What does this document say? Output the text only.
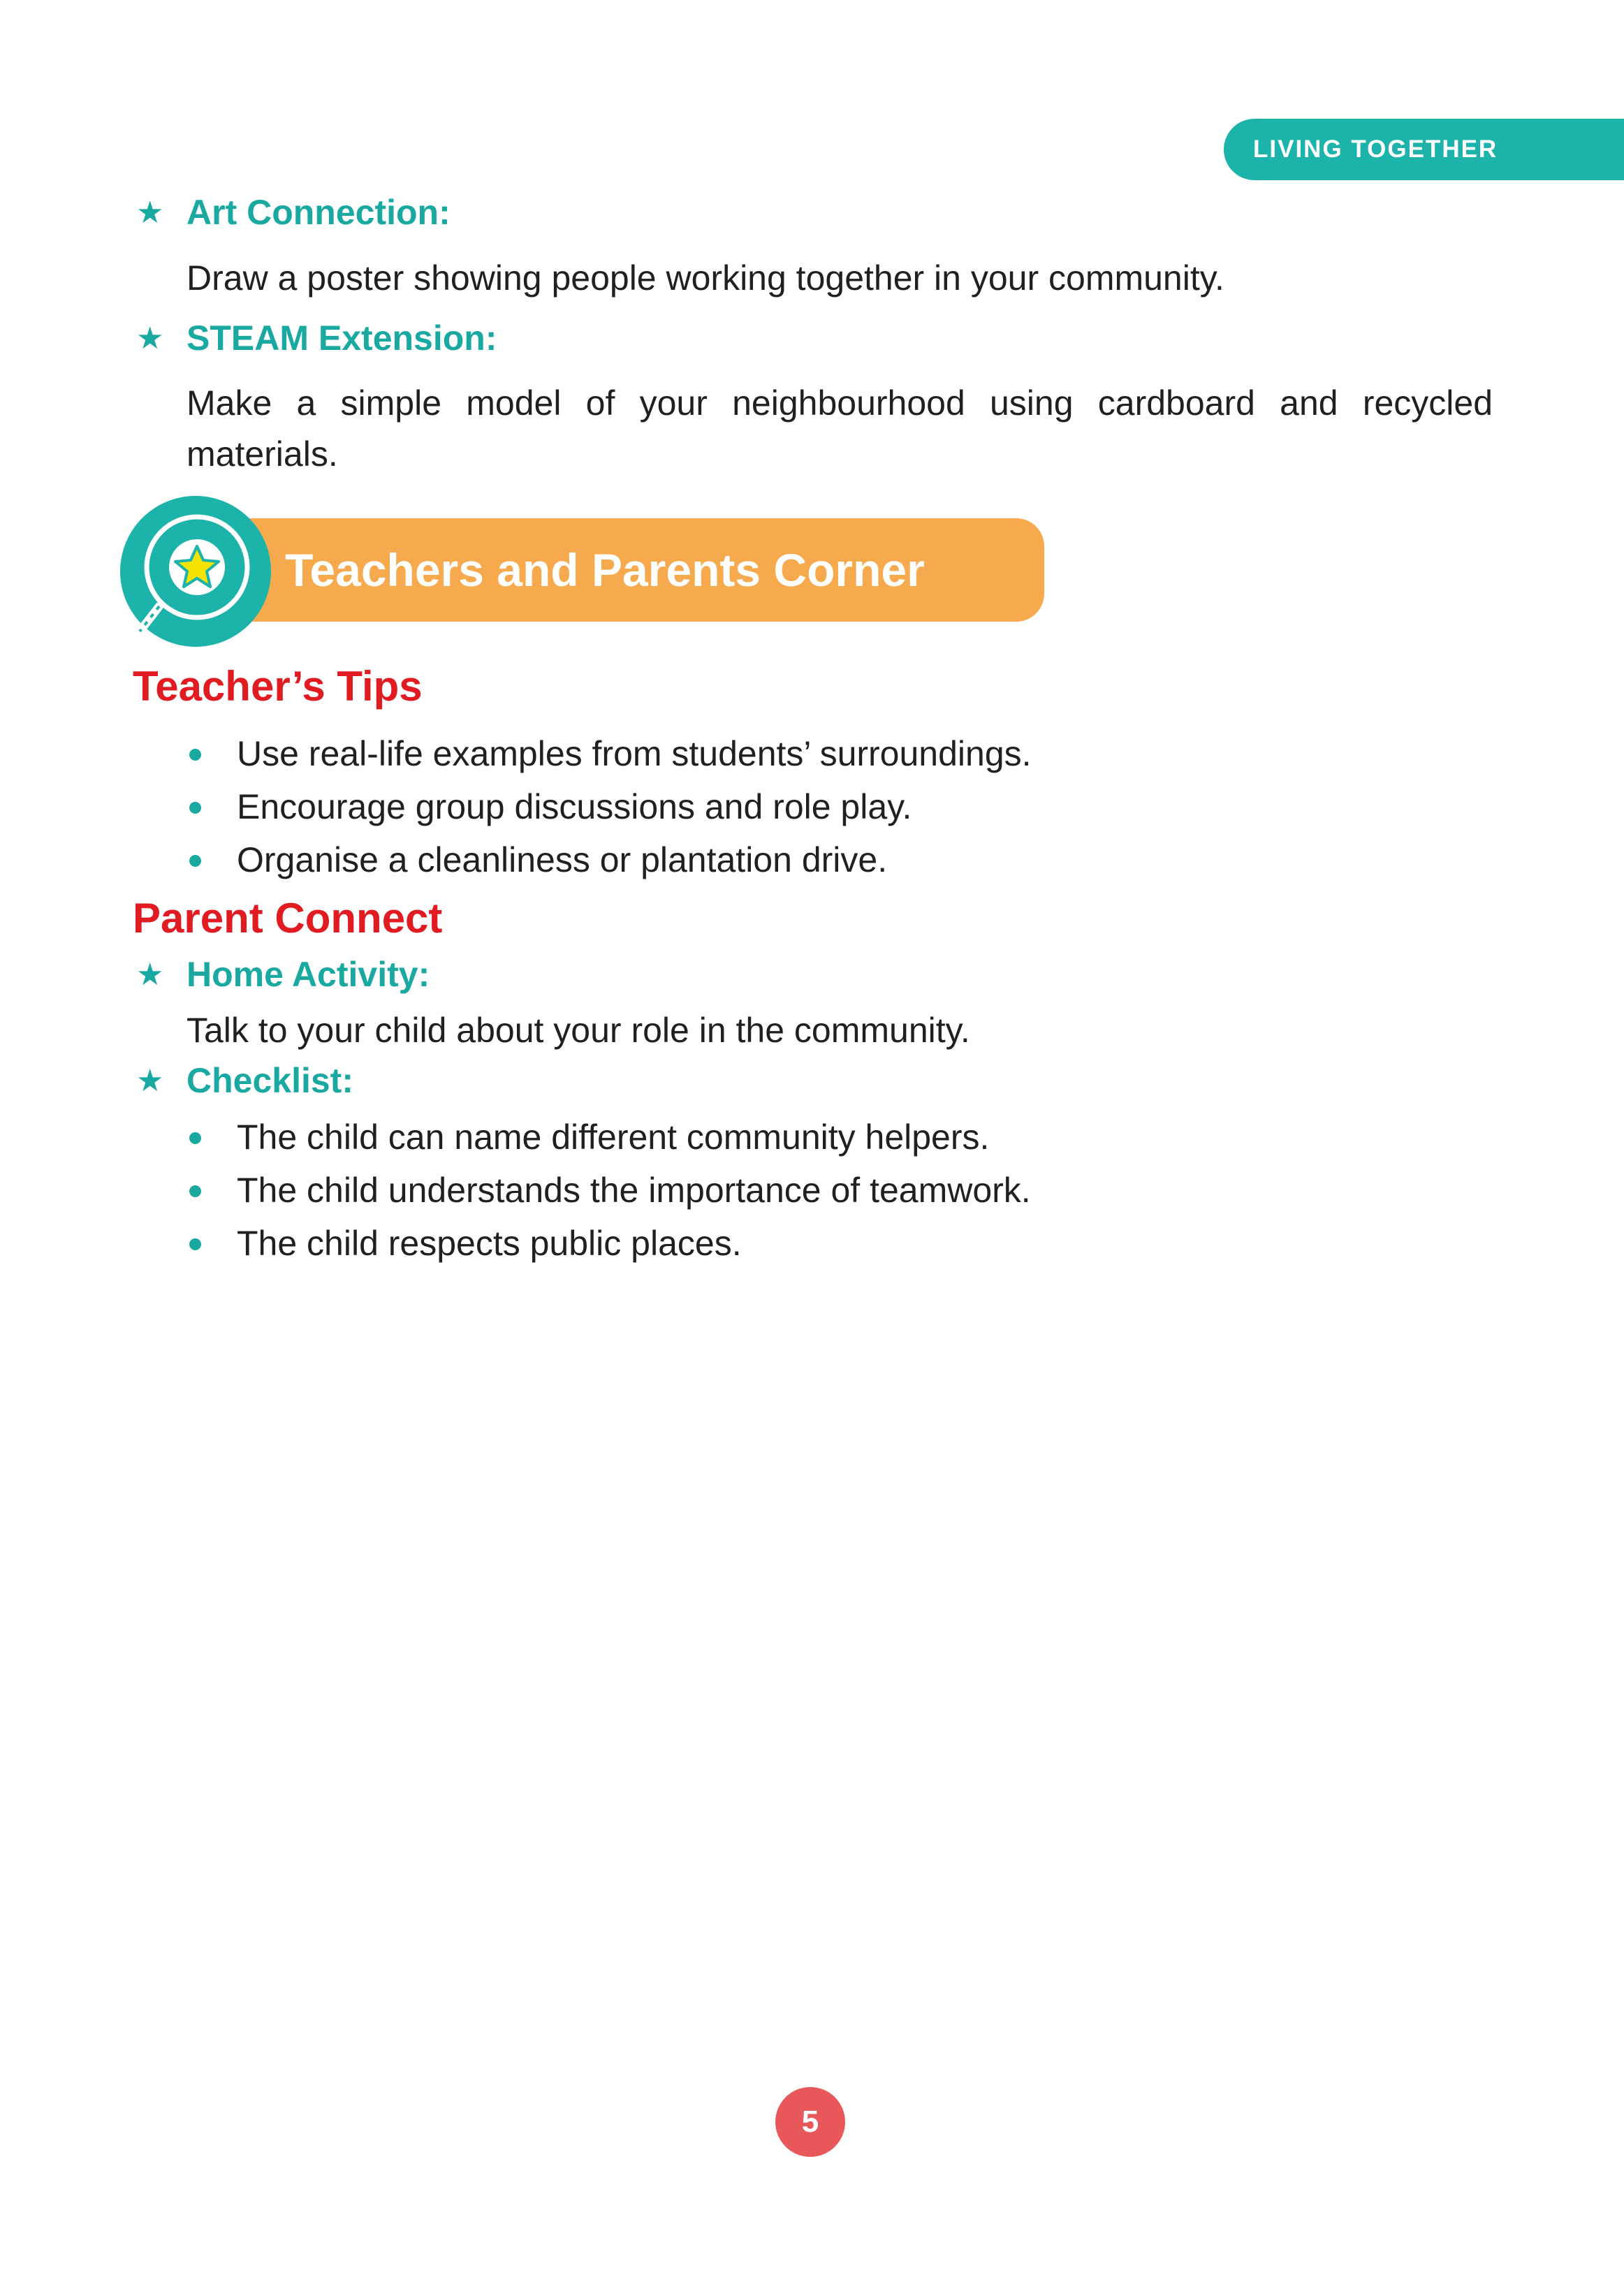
LIVING TOGETHER
★ Art Connection:
Draw a poster showing people working together in your community.
★ STEAM Extension:
Make a simple model of your neighbourhood using cardboard and recycled materials.
Teachers and Parents Corner
Teacher’s Tips
Use real-life examples from students’ surroundings.
Encourage group discussions and role play.
Organise a cleanliness or plantation drive.
Parent Connect
★ Home Activity:
Talk to your child about your role in the community.
★ Checklist:
The child can name different community helpers.
The child understands the importance of teamwork.
The child respects public places.
5
